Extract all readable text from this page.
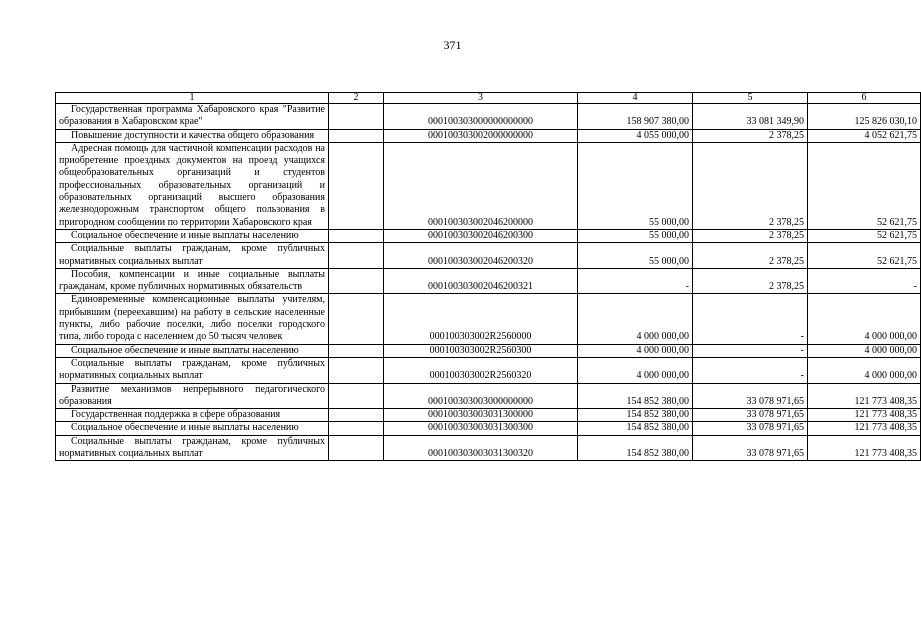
371
1	2	3	4	5	6
Государственная программа Хабаровского края "Развитие образования в Хабаровском крае"		000100303000000000000	158 907 380,00	33 081 349,90	125 826 030,10
Повышение доступности и качества общего образования		000100303002000000000	4 055 000,00	2 378,25	4 052 621,75
Адресная помощь для частичной компенсации расходов на приобретение проездных документов на проезд учащихся общеобразовательных организаций и студентов профессиональных образовательных организаций и образовательных организаций высшего образования железнодорожным транспортом общего пользования в пригородном сообщении по территории Хабаровского края		000100303002046200000	55 000,00	2 378,25	52 621,75
Социальное обеспечение и иные выплаты населению		000100303002046200300	55 000,00	2 378,25	52 621,75
Социальные выплаты гражданам, кроме публичных нормативных социальных выплат		000100303002046200320	55 000,00	2 378,25	52 621,75
Пособия, компенсации и иные социальные выплаты гражданам, кроме публичных нормативных обязательств		000100303002046200321	-	2 378,25	-
Единовременные компенсационные выплаты учителям, прибывшим (переехавшим) на работу в сельские населенные пункты, либо рабочие поселки, либо поселки городского типа, либо города с населением до 50 тысяч человек		000100303002R2560000	4 000 000,00	-	4 000 000,00
Социальное обеспечение и иные выплаты населению		000100303002R2560300	4 000 000,00	-	4 000 000,00
Социальные выплаты гражданам, кроме публичных нормативных социальных выплат		000100303002R2560320	4 000 000,00	-	4 000 000,00
Развитие механизмов непрерывного педагогического образования		000100303003000000000	154 852 380,00	33 078 971,65	121 773 408,35
Государственная поддержка в сфере образования		000100303003031300000	154 852 380,00	33 078 971,65	121 773 408,35
Социальное обеспечение и иные выплаты населению		000100303003031300300	154 852 380,00	33 078 971,65	121 773 408,35
Социальные выплаты гражданам, кроме публичных нормативных социальных выплат		000100303003031300320	154 852 380,00	33 078 971,65	121 773 408,35
